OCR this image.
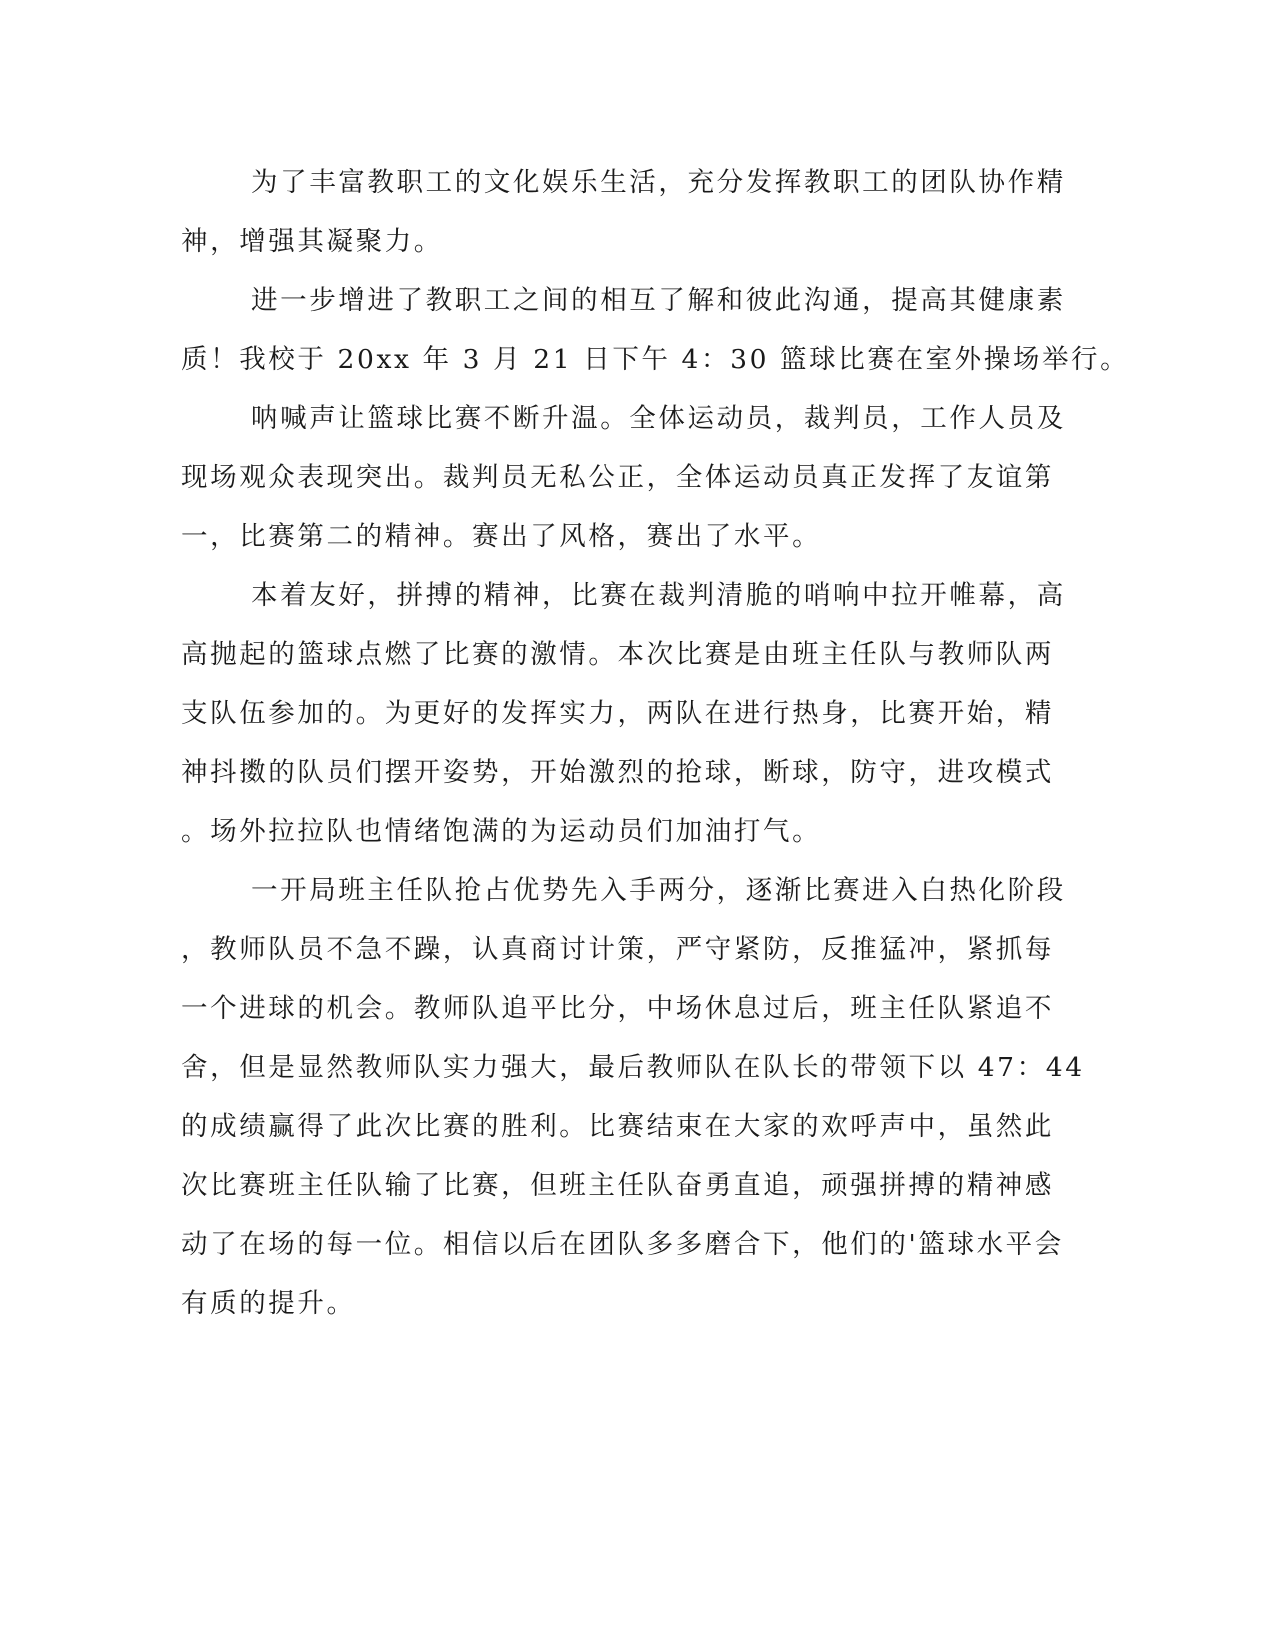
为了丰富教职工的文化娱乐生活，充分发挥教职工的团队协作精
神，增强其凝聚力。

进一步增进了教职工之间的相互了解和彼此沟通，提高其健康素
质！我校于 20xx 年 3 月 21 日下午 4：30 篮球比赛在室外操场举行。

呐喊声让篮球比赛不断升温。全体运动员，裁判员，工作人员及
现场观众表现突出。裁判员无私公正，全体运动员真正发挥了友谊第
一，比赛第二的精神。赛出了风格，赛出了水平。

本着友好，拼搏的精神，比赛在裁判清脆的哨响中拉开帷幕，高
高抛起的篮球点燃了比赛的激情。本次比赛是由班主任队与教师队两
支队伍参加的。为更好的发挥实力，两队在进行热身，比赛开始，精
神抖擞的队员们摆开姿势，开始激烈的抢球，断球，防守，进攻模式
。场外拉拉队也情绪饱满的为运动员们加油打气。

一开局班主任队抢占优势先入手两分，逐渐比赛进入白热化阶段
，教师队员不急不躁，认真商讨计策，严守紧防，反推猛冲，紧抓每
一个进球的机会。教师队追平比分，中场休息过后，班主任队紧追不
舍，但是显然教师队实力强大，最后教师队在队长的带领下以 47：44
的成绩赢得了此次比赛的胜利。比赛结束在大家的欢呼声中，虽然此
次比赛班主任队输了比赛，但班主任队奋勇直追，顽强拼搏的精神感
动了在场的每一位。相信以后在团队多多磨合下，他们的'篮球水平会
有质的提升。
